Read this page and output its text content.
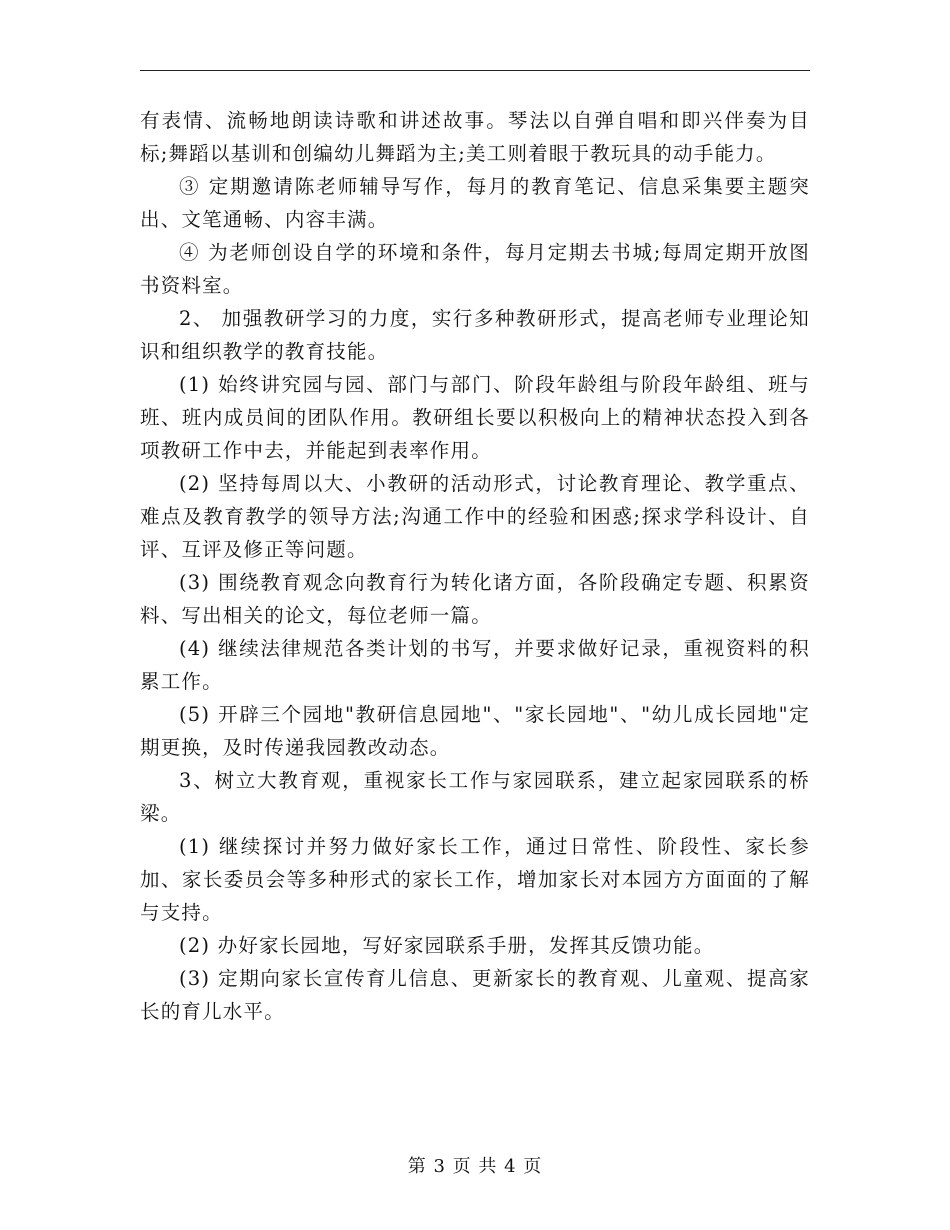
有表情、流畅地朗读诗歌和讲述故事。琴法以自弹自唱和即兴伴奏为目标;舞蹈以基训和创编幼儿舞蹈为主;美工则着眼于教玩具的动手能力。

③ 定期邀请陈老师辅导写作，每月的教育笔记、信息采集要主题突出、文笔通畅、内容丰满。

④ 为老师创设自学的环境和条件，每月定期去书城;每周定期开放图书资料室。

2、 加强教研学习的力度，实行多种教研形式，提高老师专业理论知识和组织教学的教育技能。

(1) 始终讲究园与园、部门与部门、阶段年龄组与阶段年龄组、班与班、班内成员间的团队作用。教研组长要以积极向上的精神状态投入到各项教研工作中去，并能起到表率作用。

(2) 坚持每周以大、小教研的活动形式，讨论教育理论、教学重点、难点及教育教学的领导方法;沟通工作中的经验和困惑;探求学科设计、自评、互评及修正等问题。

(3) 围绕教育观念向教育行为转化诸方面，各阶段确定专题、积累资料、写出相关的论文，每位老师一篇。

(4) 继续法律规范各类计划的书写，并要求做好记录，重视资料的积累工作。

(5) 开辟三个园地"教研信息园地"、"家长园地"、"幼儿成长园地"定期更换，及时传递我园教改动态。

3、树立大教育观，重视家长工作与家园联系，建立起家园联系的桥梁。

(1) 继续探讨并努力做好家长工作，通过日常性、阶段性、家长参加、家长委员会等多种形式的家长工作，增加家长对本园方方面面的了解与支持。

(2) 办好家长园地，写好家园联系手册，发挥其反馈功能。

(3) 定期向家长宣传育儿信息、更新家长的教育观、儿童观、提高家长的育儿水平。

第 3 页 共 4 页
